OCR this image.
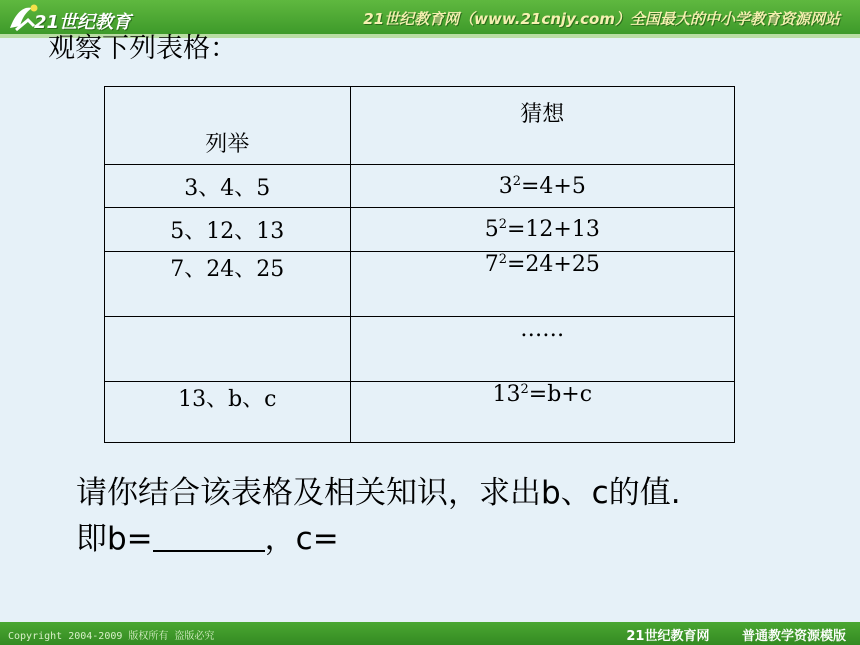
21世纪教育	21世纪教育网（www.21cnjy.com）全国最大的中小学教育资源网站
观察下列表格：
列举	猜想
3、4、5	$3^2=4+5$
5、12、13	$5^2=12+13$
7、24、25	$7^2=24+25$
	……
13、b、c	$13^2=b+c$
请你结合该表格及相关知识，求出b、c的值.
即b=	，c=
Copyright 2004-2009 版权所有 盗版必究	21世纪教育网	普通教学资源模版
